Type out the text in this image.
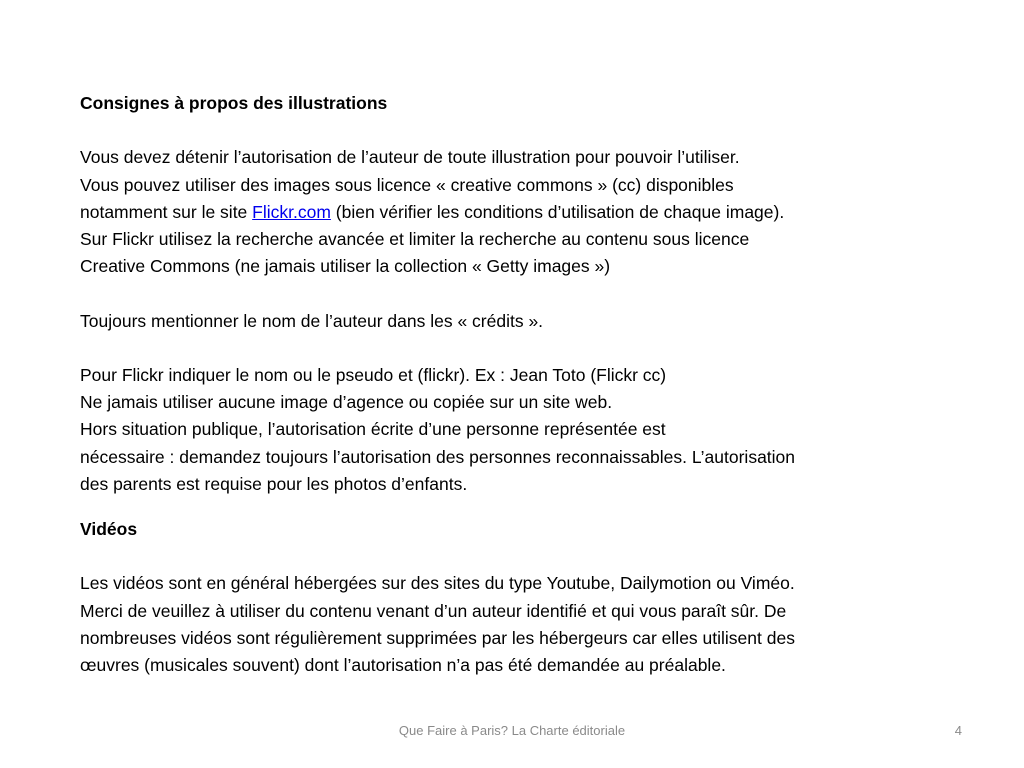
Consignes à propos des illustrations

Vous devez détenir l’autorisation de l’auteur de toute illustration pour pouvoir l’utiliser.

Vous pouvez utiliser des images sous licence « creative commons » (cc) disponibles

notamment sur le site Flickr.com (bien vérifier les conditions d’utilisation de chaque image).

Sur Flickr utilisez la recherche avancée et limiter la recherche au contenu sous licence

Creative Commons (ne jamais utiliser la collection « Getty images »)

Toujours mentionner le nom de l’auteur dans les « crédits ».

Pour Flickr indiquer le nom ou le pseudo et (flickr). Ex : Jean Toto (Flickr cc)

Ne jamais utiliser aucune image d’agence ou copiée sur un site web.

Hors situation publique, l’autorisation écrite d’une personne représentée est

nécessaire : demandez toujours l’autorisation des personnes reconnaissables. L’autorisation

des parents est requise pour les photos d’enfants.

Vidéos

Les vidéos sont en général hébergées sur des sites du type Youtube, Dailymotion ou Viméo.

Merci de veuillez à utiliser du contenu venant d’un auteur identifié et qui vous paraît sûr. De

nombreuses vidéos sont régulièrement supprimées par les hébergeurs car elles utilisent des

œuvres (musicales souvent) dont l’autorisation n’a pas été demandée au préalable.

Que Faire à Paris? La Charte éditoriale	4
